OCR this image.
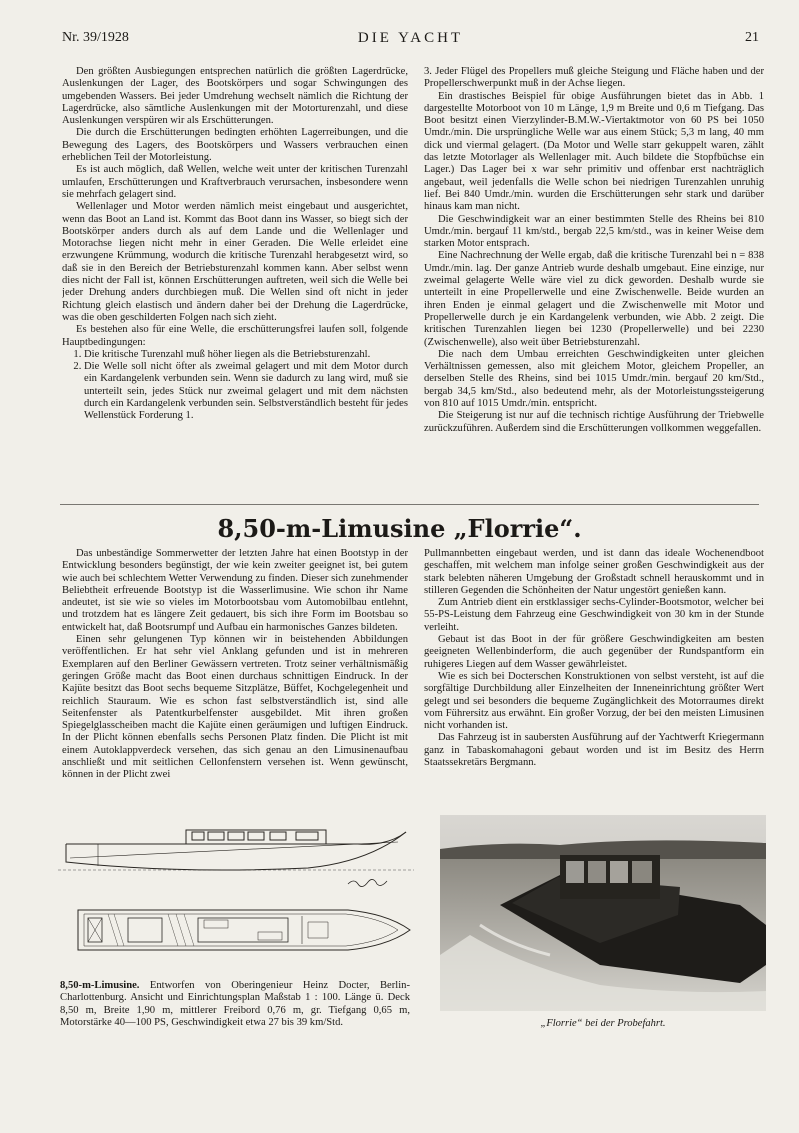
Nr. 39/1928	DIE YACHT	21

Den größten Ausbiegungen entsprechen natürlich die größten Lagerdrücke, Auslenkungen der Lager, des Bootskörpers und sogar Schwingungen des umgebenden Wassers. Bei jeder Umdrehung wechselt nämlich die Richtung der Lagerdrücke, also sämtliche Auslenkungen mit der Motorturenzahl, und diese Auslenkungen verspüren wir als Erschütterungen.

Die durch die Erschütterungen bedingten erhöhten Lagerreibungen, und die Bewegung des Lagers, des Bootskörpers und Wassers verbrauchen einen erheblichen Teil der Motorleistung.

Es ist auch möglich, daß Wellen, welche weit unter der kritischen Turenzahl umlaufen, Erschütterungen und Kraftverbrauch verursachen, insbesondere wenn sie mehrfach gelagert sind.

Wellenlager und Motor werden nämlich meist eingebaut und ausgerichtet, wenn das Boot an Land ist. Kommt das Boot dann ins Wasser, so biegt sich der Bootskörper anders durch als auf dem Lande und die Wellenlager und Motorachse liegen nicht mehr in einer Geraden. Die Welle erleidet eine erzwungene Krümmung, wodurch die kritische Turenzahl herabgesetzt wird, so daß sie in den Bereich der Betriebsturenzahl kommen kann. Aber selbst wenn dies nicht der Fall ist, können Erschütterungen auftreten, weil sich die Welle bei jeder Drehung anders durchbiegen muß. Die Wellen sind oft nicht in jeder Richtung gleich elastisch und ändern daher bei der Drehung die Lagerdrücke, was die oben geschilderten Folgen nach sich zieht.

Es bestehen also für eine Welle, die erschütterungsfrei laufen soll, folgende Hauptbedingungen:

1. Die kritische Turenzahl muß höher liegen als die Betriebsturenzahl.
2. Die Welle soll nicht öfter als zweimal gelagert und mit dem Motor durch ein Kardangelenk verbunden sein. Wenn sie dadurch zu lang wird, muß sie unterteilt sein, jedes Stück nur zweimal gelagert und mit dem nächsten durch ein Kardangelenk verbunden sein. Selbstverständlich besteht für jedes Wellenstück Forderung 1.

3. Jeder Flügel des Propellers muß gleiche Steigung und Fläche haben und der Propellerschwerpunkt muß in der Achse liegen.

Ein drastisches Beispiel für obige Ausführungen bietet das in Abb. 1 dargestellte Motorboot von 10 m Länge, 1,9 m Breite und 0,6 m Tiefgang. Das Boot besitzt einen Vierzylinder-B.M.W.-Viertaktmotor von 60 PS bei 1050 Umdr./min. Die ursprüngliche Welle war aus einem Stück; 5,3 m lang, 40 mm dick und viermal gelagert. (Da Motor und Welle starr gekuppelt waren, zählt das letzte Motorlager als Wellenlager mit. Auch bildete die Stopfbüchse ein Lager.) Das Lager bei x war sehr primitiv und offenbar erst nachträglich angebaut, weil jedenfalls die Welle schon bei niedrigen Turenzahlen unruhig lief. Bei 840 Umdr./min. wurden die Erschütterungen sehr stark und darüber hinaus kam man nicht.

Die Geschwindigkeit war an einer bestimmten Stelle des Rheins bei 810 Umdr./min. bergauf 11 km/std., bergab 22,5 km/std., was in keiner Weise dem starken Motor entsprach.

Eine Nachrechnung der Welle ergab, daß die kritische Turenzahl bei n = 838 Umdr./min. lag. Der ganze Antrieb wurde deshalb umgebaut. Eine einzige, nur zweimal gelagerte Welle wäre viel zu dick geworden. Deshalb wurde sie unterteilt in eine Propellerwelle und eine Zwischenwelle. Beide wurden an ihren Enden je einmal gelagert und die Zwischenwelle mit Motor und Propellerwelle durch je ein Kardangelenk verbunden, wie Abb. 2 zeigt. Die kritischen Turenzahlen liegen bei 1230 (Propellerwelle) und bei 2230 (Zwischenwelle), also weit über Betriebsturenzahl.

Die nach dem Umbau erreichten Geschwindigkeiten unter gleichen Verhältnissen gemessen, also mit gleichem Motor, gleichem Propeller, an derselben Stelle des Rheins, sind bei 1015 Umdr./min. bergauf 20 km/Std., bergab 34,5 km/Std., also bedeutend mehr, als der Motorleistungssteigerung von 810 auf 1015 Umdr./min. entspricht.

Die Steigerung ist nur auf die technisch richtige Ausführung der Triebwelle zurückzuführen. Außerdem sind die Erschütterungen vollkommen weggefallen.

8,50-m-Limusine „Florrie“.

Das unbeständige Sommerwetter der letzten Jahre hat einen Bootstyp in der Entwicklung besonders begünstigt, der wie kein zweiter geeignet ist, bei gutem wie auch bei schlechtem Wetter Verwendung zu finden. Dieser sich zunehmender Beliebtheit erfreuende Bootstyp ist die Wasserlimusine. Wie schon ihr Name andeutet, ist sie wie so vieles im Motorbootsbau vom Automobilbau entlehnt, und trotzdem hat es längere Zeit gedauert, bis sich ihre Form im Bootsbau so entwickelt hat, daß Bootsrumpf und Aufbau ein harmonisches Ganzes bildeten.

Einen sehr gelungenen Typ können wir in beistehenden Abbildungen veröffentlichen. Er hat sehr viel Anklang gefunden und ist in mehreren Exemplaren auf den Berliner Gewässern vertreten. Trotz seiner verhältnismäßig geringen Größe macht das Boot einen durchaus schnittigen Eindruck. In der Kajüte besitzt das Boot sechs bequeme Sitzplätze, Büffet, Kochgelegenheit und reichlich Stauraum. Wie es schon fast selbstverständlich ist, sind alle Seitenfenster als Patentkurbelfenster ausgebildet. Mit ihren großen Spiegelglasscheiben macht die Kajüte einen geräumigen und luftigen Eindruck. In der Plicht können ebenfalls sechs Personen Platz finden. Die Plicht ist mit einem Autoklappverdeck versehen, das sich genau an den Limusinenaufbau anschließt und mit seitlichen Cellonfenstern versehen ist. Wenn gewünscht, können in der Plicht zwei

Pullmannbetten eingebaut werden, und ist dann das ideale Wochenendboot geschaffen, mit welchem man infolge seiner großen Geschwindigkeit aus der stark belebten näheren Umgebung der Großstadt schnell herauskommt und in stilleren Gegenden die Schönheiten der Natur ungestört genießen kann.

Zum Antrieb dient ein erstklassiger sechs-Cylinder-Bootsmotor, welcher bei 55-PS-Leistung dem Fahrzeug eine Geschwindigkeit von 30 km in der Stunde verleiht.

Gebaut ist das Boot in der für größere Geschwindigkeiten am besten geeigneten Wellenbinderform, die auch gegenüber der Rundspantform ein ruhigeres Liegen auf dem Wasser gewährleistet.

Wie es sich bei Docterschen Konstruktionen von selbst versteht, ist auf die sorgfältige Durchbildung aller Einzelheiten der Inneneinrichtung größter Wert gelegt und sei besonders die bequeme Zugänglichkeit des Motorraumes direkt vom Führersitz aus erwähnt. Ein großer Vorzug, der bei den meisten Limusinen nicht vorhanden ist.

Das Fahrzeug ist in saubersten Ausführung auf der Yachtwerft Kriegermann ganz in Tabaskomahagoni gebaut worden und ist im Besitz des Herrn Staatssekretärs Bergmann.

8,50-m-Limusine. Entworfen von Oberingenieur Heinz Docter, Berlin-Charlottenburg. Ansicht und Einrichtungsplan Maßstab 1 : 100. Länge ü. Deck 8,50 m, Breite 1,90 m, mittlerer Freibord 0,76 m, gr. Tiefgang 0,65 m, Motorstärke 40—100 PS, Geschwindigkeit etwa 27 bis 39 km/Std.	„Florrie“ bei der Probefahrt.
